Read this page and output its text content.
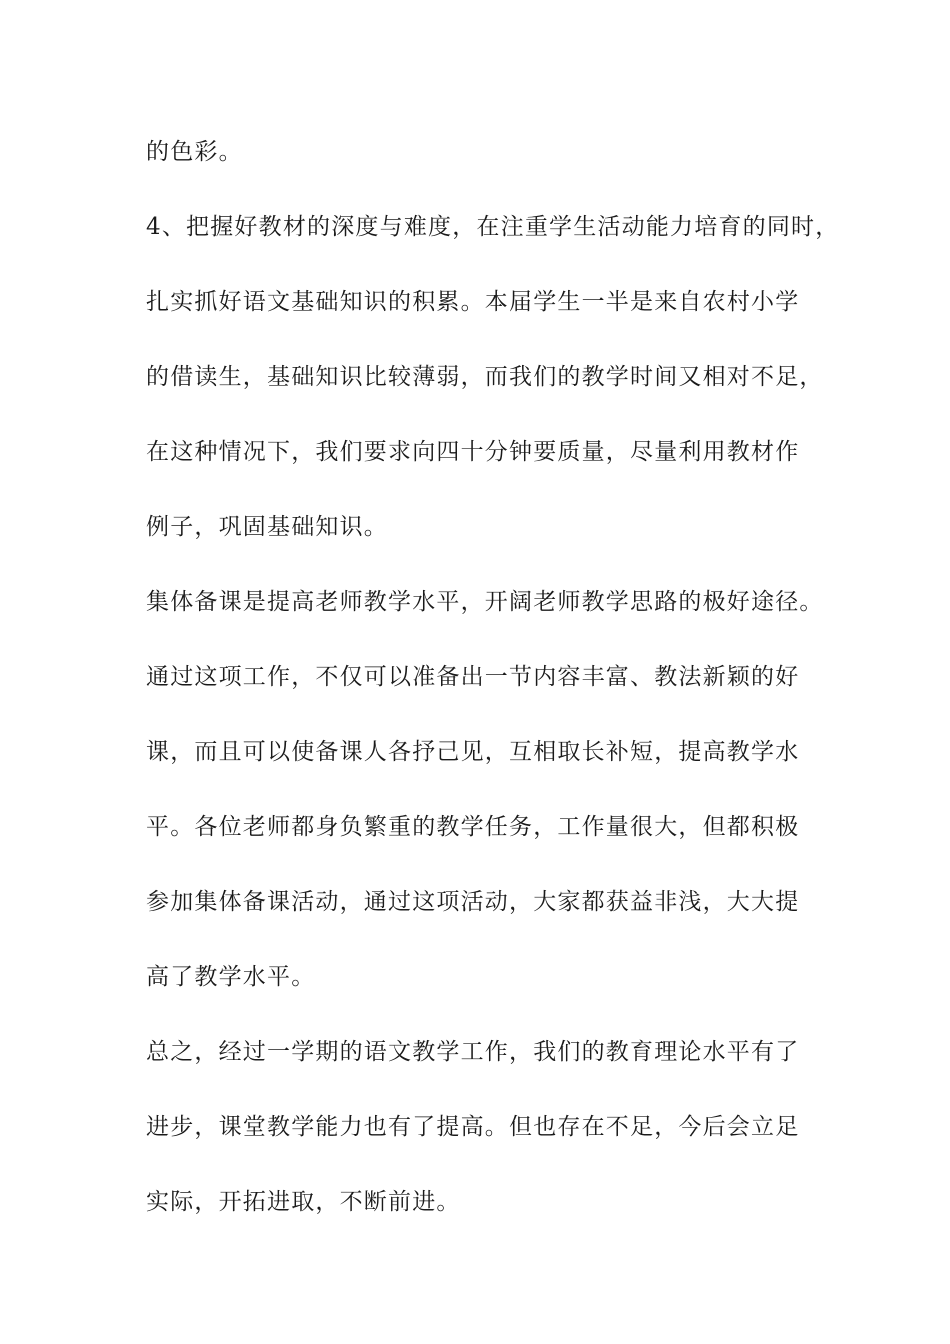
的色彩。
4、把握好教材的深度与难度，在注重学生活动能力培育的同时，
扎实抓好语文基础知识的积累。本届学生一半是来自农村小学
的借读生，基础知识比较薄弱，而我们的教学时间又相对不足，
在这种情况下，我们要求向四十分钟要质量，尽量利用教材作
例子，巩固基础知识。
集体备课是提高老师教学水平，开阔老师教学思路的极好途径。
通过这项工作，不仅可以准备出一节内容丰富、教法新颖的好
课，而且可以使备课人各抒己见，互相取长补短，提高教学水
平。各位老师都身负繁重的教学任务，工作量很大，但都积极
参加集体备课活动，通过这项活动，大家都获益非浅，大大提
高了教学水平。
总之，经过一学期的语文教学工作，我们的教育理论水平有了
进步，课堂教学能力也有了提高。但也存在不足，今后会立足
实际，开拓进取，不断前进。
